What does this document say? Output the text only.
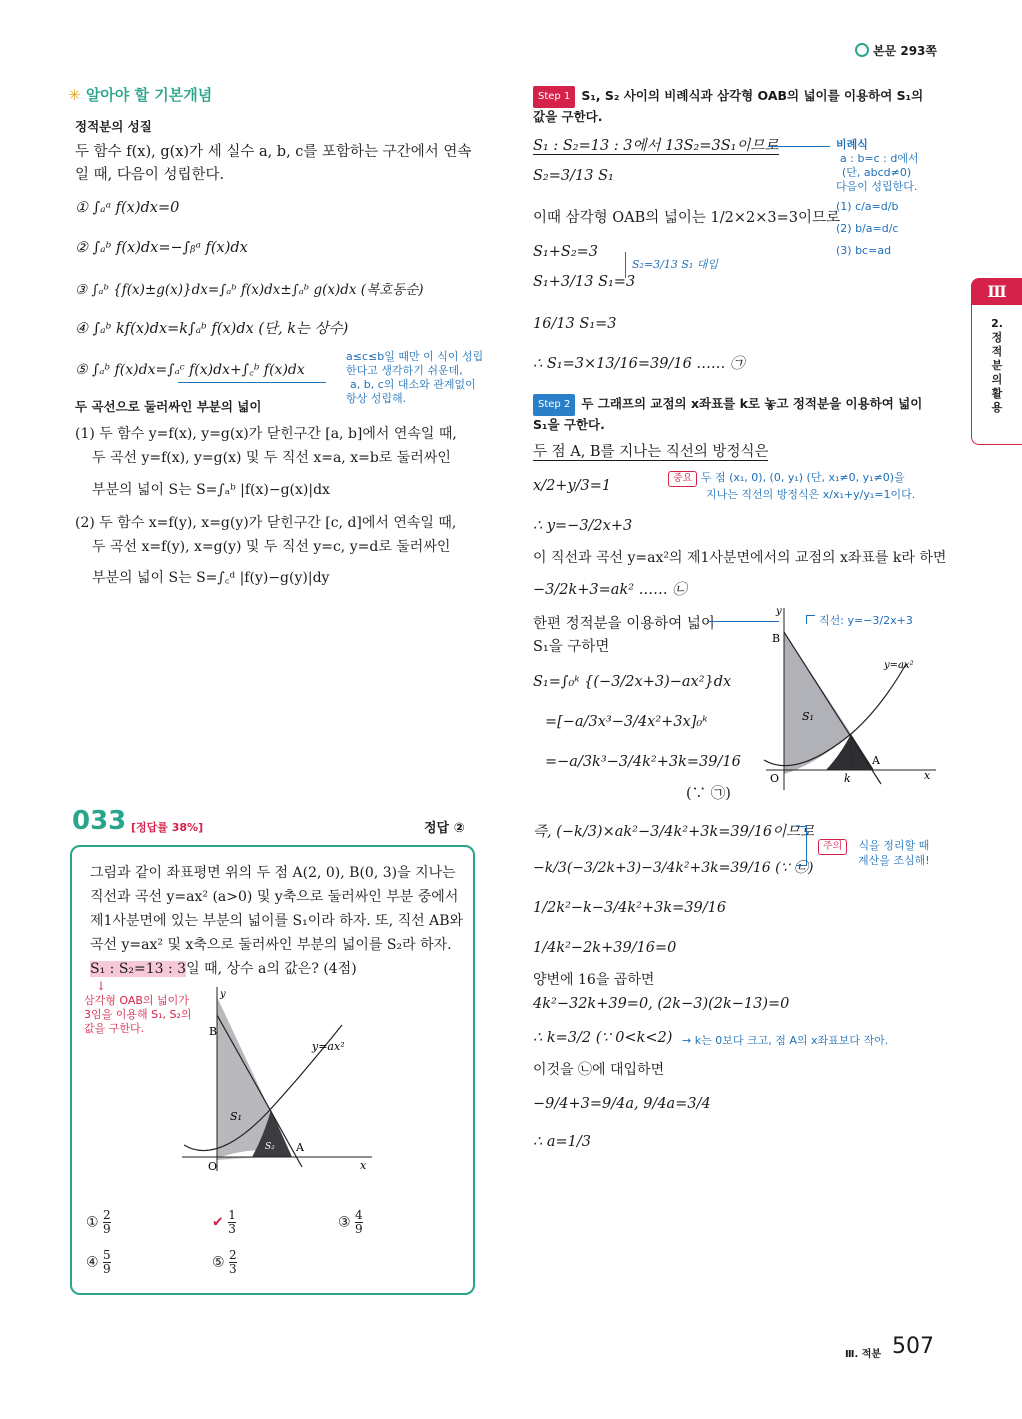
본문 293쪽
Ⅲ
2.
정
적
분
의
활
용
✳ 알아야 할 기본개념
정적분의 성질
두 함수 f(x), g(x)가 세 실수 a, b, c를 포함하는 구간에서 연속
일 때, 다음이 성립한다.
① ∫ₐᵃ f(x)dx=0
② ∫ₐᵇ f(x)dx=−∫ᵦᵃ f(x)dx
③ ∫ₐᵇ {f(x)±g(x)}dx=∫ₐᵇ f(x)dx±∫ₐᵇ g(x)dx (복호동순)
④ ∫ₐᵇ kf(x)dx=k∫ₐᵇ f(x)dx (단, k는 상수)
⑤ ∫ₐᵇ f(x)dx=∫ₐᶜ f(x)dx+∫꜀ᵇ f(x)dx
a≤c≤b일 때만 이 식이 성립
한다고 생각하기 쉬운데,
a, b, c의 대소와 관계없이
항상 성립해.
두 곡선으로 둘러싸인 부분의 넓이
(1) 두 함수 y=f(x), y=g(x)가 닫힌구간 [a, b]에서 연속일 때,
두 곡선 y=f(x), y=g(x) 및 두 직선 x=a, x=b로 둘러싸인
부분의 넓이 S는 S=∫ₐᵇ |f(x)−g(x)|dx
(2) 두 함수 x=f(y), x=g(y)가 닫힌구간 [c, d]에서 연속일 때,
두 곡선 x=f(y), x=g(y) 및 두 직선 y=c, y=d로 둘러싸인
부분의 넓이 S는 S=∫꜀ᵈ |f(y)−g(y)|dy
033 [정답률 38%]	정답 ②
그림과 같이 좌표평면 위의 두 점 A(2, 0), B(0, 3)을 지나는
직선과 곡선 y=ax² (a>0) 및 y축으로 둘러싸인 부분 중에서
제1사분면에 있는 부분의 넓이를 S₁이라 하자. 또, 직선 AB와
곡선 y=ax² 및 x축으로 둘러싸인 부분의 넓이를 S₂라 하자.
S₁ : S₂=13 : 3일 때, 상수 a의 값은? (4점)
↓
삼각형 OAB의 넓이가
3임을 이용해 S₁, S₂의
값을 구한다.
y
x
O
B
A
S₁
S₂
y=ax²
① $\frac{2}{9}$	✔ $\frac{1}{3}$	③ $\frac{4}{9}$
④ $\frac{5}{9}$	⑤ $\frac{2}{3}$
Step 1 S₁, S₂ 사이의 비례식과 삼각형 OAB의 넓이를 이용하여 S₁의
값을 구한다.
S₁ : S₂=13 : 3에서 13S₂=3S₁이므로
S₂=3/13 S₁
이때 삼각형 OAB의 넓이는 1/2×2×3=3이므로
S₁+S₂=3
S₁+3/13 S₁=3
S₂=3/13 S₁ 대입
16/13 S₁=3
∴ S₁=3×13/16=39/16 …… ㉠
비례식
a : b=c : d에서
(단, abcd≠0)
다음이 성립한다.
(1) c/a=d/b
(2) b/a=d/c
(3) bc=ad
Step 2 두 그래프의 교점의 x좌표를 k로 놓고 정적분을 이용하여 넓이
S₁을 구한다.
두 점 A, B를 지나는 직선의 방정식은
x/2+y/3=1	중요 두 점 (x₁, 0), (0, y₁) (단, x₁≠0, y₁≠0)을
지나는 직선의 방정식은 x/x₁+y/y₁=1이다.
∴ y=−3/2x+3
이 직선과 곡선 y=ax²의 제1사분면에서의 교점의 x좌표를 k라 하면
−3/2k+3=ak² …… ㉡
한편 정적분을 이용하여 넓이
S₁을 구하면
S₁=∫₀ᵏ {(−3/2x+3)−ax²}dx
=[−a/3x³−3/4x²+3x]₀ᵏ
=−a/3k³−3/4k²+3k=39/16
(∵ ㉠)
y
x
O
B
A
k
S₁
y=ax²
직선: y=−3/2x+3
즉, (−k/3)×ak²−3/4k²+3k=39/16이므로
−k/3(−3/2k+3)−3/4k²+3k=39/16 (∵ ㉡)
주의	식을 정리할 때
계산을 조심해!
1/2k²−k−3/4k²+3k=39/16
1/4k²−2k+39/16=0
양변에 16을 곱하면
4k²−32k+39=0, (2k−3)(2k−13)=0
∴ k=3/2 (∵ 0<k<2) → k는 0보다 크고, 점 A의 x좌표보다 작아.
이것을 ㉡에 대입하면
−9/4+3=9/4a, 9/4a=3/4
∴ a=1/3
Ⅲ. 적분 507
